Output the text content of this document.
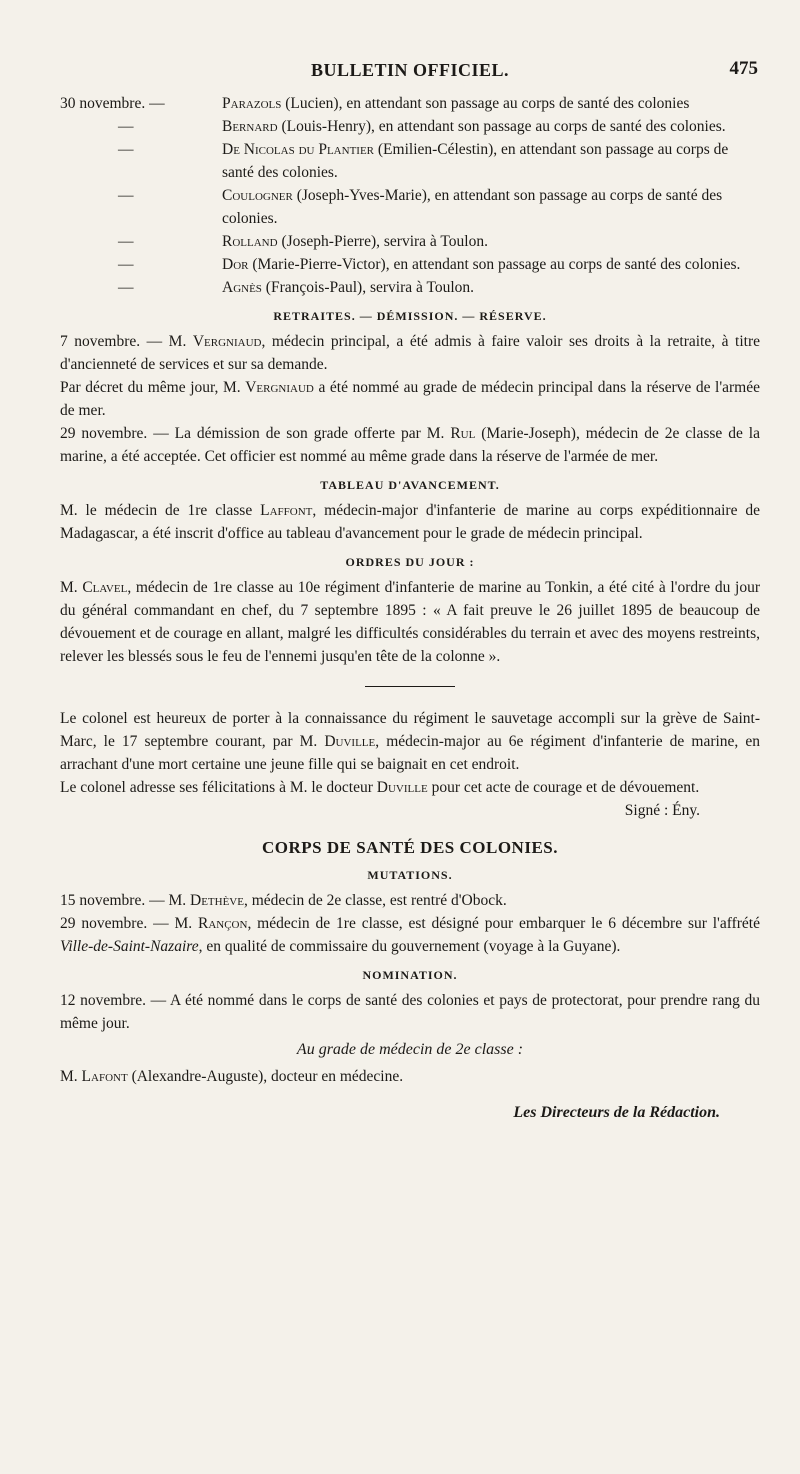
BULLETIN OFFICIEL.	475
30 novembre. —	Parazols (Lucien), en attendant son passage au corps de santé des colonies
—	Bernard (Louis-Henry), en attendant son passage au corps de santé des colonies.
—	De Nicolas du Plantier (Emilien-Célestin), en attendant son passage au corps de santé des colonies.
—	Coulogner (Joseph-Yves-Marie), en attendant son passage au corps de santé des colonies.
—	Rolland (Joseph-Pierre), servira à Toulon.
—	Dor (Marie-Pierre-Victor), en attendant son passage au corps de santé des colonies.
—	Agnès (François-Paul), servira à Toulon.
RETRAITES. — DÉMISSION. — RÉSERVE.

7 novembre. — M. Vergniaud, médecin principal, a été admis à faire valoir ses droits à la retraite, à titre d'ancienneté de services et sur sa demande.

Par décret du même jour, M. Vergniaud a été nommé au grade de médecin principal dans la réserve de l'armée de mer.

29 novembre. — La démission de son grade offerte par M. Rul (Marie-Joseph), médecin de 2e classe de la marine, a été acceptée. Cet officier est nommé au même grade dans la réserve de l'armée de mer.

TABLEAU D'AVANCEMENT.

M. le médecin de 1re classe Laffont, médecin-major d'infanterie de marine au corps expéditionnaire de Madagascar, a été inscrit d'office au tableau d'avancement pour le grade de médecin principal.

ORDRES DU JOUR :

M. Clavel, médecin de 1re classe au 10e régiment d'infanterie de marine au Tonkin, a été cité à l'ordre du jour du général commandant en chef, du 7 septembre 1895 : « A fait preuve le 26 juillet 1895 de beaucoup de dévouement et de courage en allant, malgré les difficultés considérables du terrain et avec des moyens restreints, relever les blessés sous le feu de l'ennemi jusqu'en tête de la colonne ».

Le colonel est heureux de porter à la connaissance du régiment le sauvetage accompli sur la grève de Saint-Marc, le 17 septembre courant, par M. Duville, médecin-major au 6e régiment d'infanterie de marine, en arrachant d'une mort certaine une jeune fille qui se baignait en cet endroit.

Le colonel adresse ses félicitations à M. le docteur Duville pour cet acte de courage et de dévouement.

Signé : Ény.
CORPS DE SANTÉ DES COLONIES.
MUTATIONS.

15 novembre. — M. Dethève, médecin de 2e classe, est rentré d'Obock.

29 novembre. — M. Rançon, médecin de 1re classe, est désigné pour embarquer le 6 décembre sur l'affrété Ville-de-Saint-Nazaire, en qualité de commissaire du gouvernement (voyage à la Guyane).

NOMINATION.

12 novembre. — A été nommé dans le corps de santé des colonies et pays de protectorat, pour prendre rang du même jour.

Au grade de médecin de 2e classe :

M. Lafont (Alexandre-Auguste), docteur en médecine.

Les Directeurs de la Rédaction.
